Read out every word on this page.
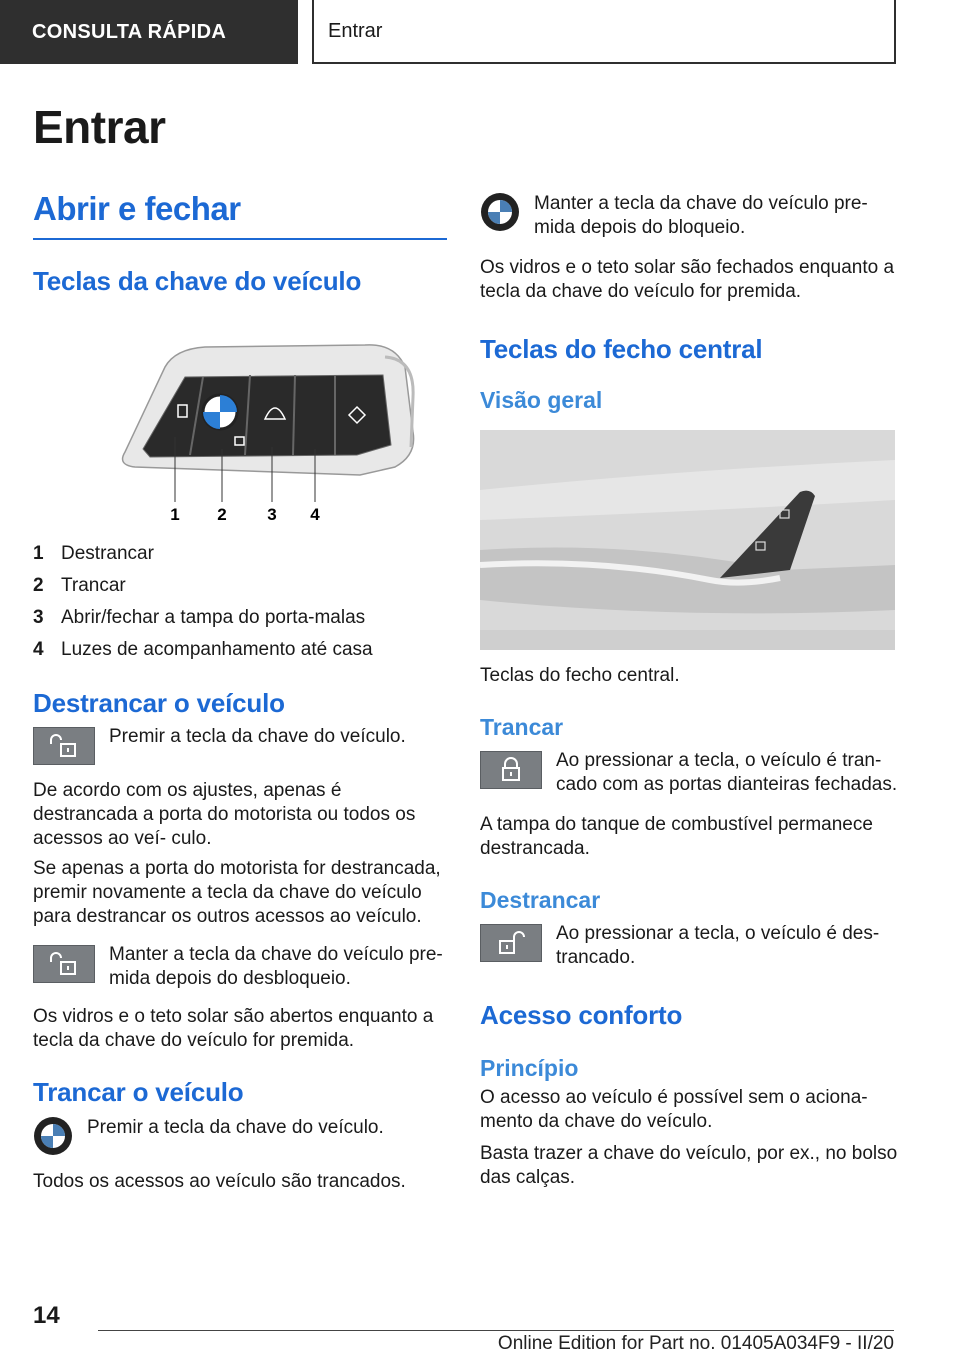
CONSULTA RÁPIDA	Entrar
Entrar
Abrir e fechar
Teclas da chave do veículo
1 2 3 4
1 Destrancar
2 Trancar
3 Abrir/fechar a tampa do porta-malas
4 Luzes de acompanhamento até casa
Destrancar o veículo

Premir a tecla da chave do veículo.

De acordo com os ajustes, apenas é destrancada a porta do motorista ou todos os acessos ao veí- culo.

Se apenas a porta do motorista for destrancada, premir novamente a tecla da chave do veículo para destrancar os outros acessos ao veículo.

Manter a tecla da chave do veículo pre- mida depois do desbloqueio.

Os vidros e o teto solar são abertos enquanto a tecla da chave do veículo for premida.

Trancar o veículo

Premir a tecla da chave do veículo.

Todos os acessos ao veículo são trancados.

Manter a tecla da chave do veículo pre- mida depois do bloqueio.

Os vidros e o teto solar são fechados enquanto a tecla da chave do veículo for premida.

Teclas do fecho central
Visão geral

Teclas do fecho central.

Trancar

Ao pressionar a tecla, o veículo é tran- cado com as portas dianteiras fechadas.

A tampa do tanque de combustível permanece destrancada.

Destrancar

Ao pressionar a tecla, o veículo é des- trancado.

Acesso conforto
Princípio

O acesso ao veículo é possível sem o aciona- mento da chave do veículo.

Basta trazer a chave do veículo, por ex., no bolso das calças.

14
Online Edition for Part no. 01405A034F9 - II/20
